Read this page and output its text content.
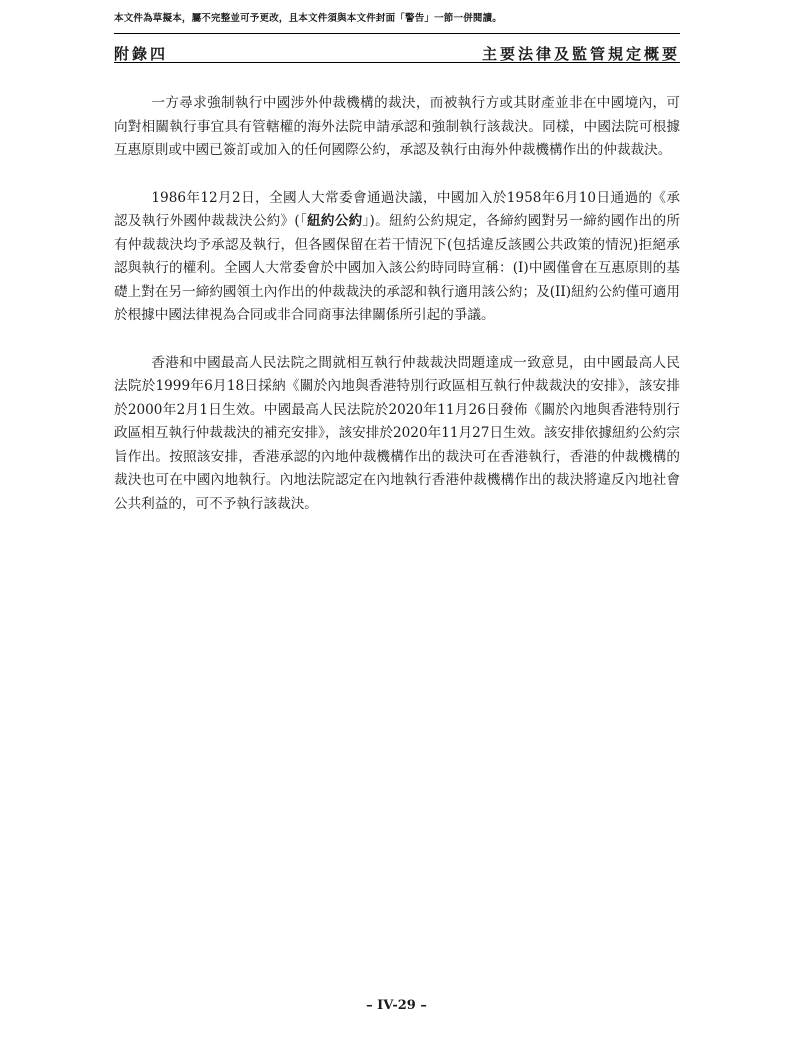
本文件為草擬本，屬不完整並可予更改，且本文件須與本文件封面「警告」一節一併閱讀。
附錄四	主要法律及監管規定概要

一方尋求強制執行中國涉外仲裁機構的裁決，而被執行方或其財產並非在中國境內，可向對相關執行事宜具有管轄權的海外法院申請承認和強制執行該裁決。同樣，中國法院可根據互惠原則或中國已簽訂或加入的任何國際公約，承認及執行由海外仲裁機構作出的仲裁裁決。

1986年12月2日，全國人大常委會通過決議，中國加入於1958年6月10日通過的《承認及執行外國仲裁裁決公約》(「紐約公約」)。紐約公約規定，各締約國對另一締約國作出的所有仲裁裁決均予承認及執行，但各國保留在若干情況下(包括違反該國公共政策的情況)拒絕承認與執行的權利。全國人大常委會於中國加入該公約時同時宣稱：(I)中國僅會在互惠原則的基礎上對在另一締約國領土內作出的仲裁裁決的承認和執行適用該公約；及(II)紐約公約僅可適用於根據中國法律視為合同或非合同商事法律關係所引起的爭議。

香港和中國最高人民法院之間就相互執行仲裁裁決問題達成一致意見，由中國最高人民法院於1999年6月18日採納《關於內地與香港特別行政區相互執行仲裁裁決的安排》，該安排於2000年2月1日生效。中國最高人民法院於2020年11月26日發佈《關於內地與香港特別行政區相互執行仲裁裁決的補充安排》，該安排於2020年11月27日生效。該安排依據紐約公約宗旨作出。按照該安排，香港承認的內地仲裁機構作出的裁決可在香港執行，香港的仲裁機構的裁決也可在中國內地執行。內地法院認定在內地執行香港仲裁機構作出的裁決將違反內地社會公共利益的，可不予執行該裁決。

– IV-29 –
